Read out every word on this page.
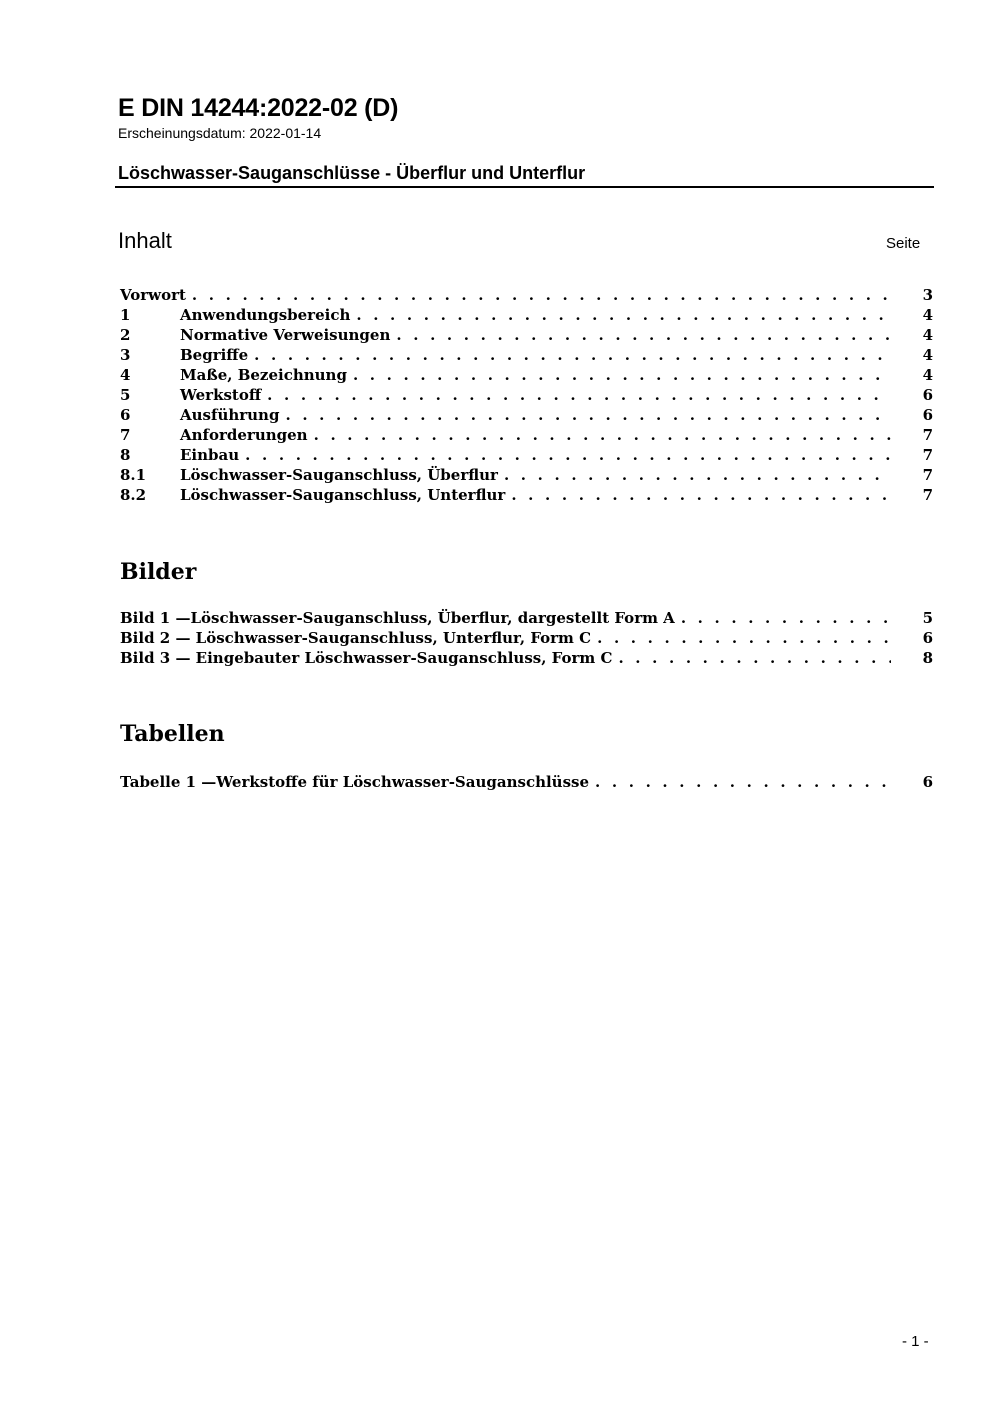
E DIN 14244:2022-02 (D)
Erscheinungsdatum: 2022-01-14
Löschwasser-Sauganschlüsse - Überflur und Unterflur
Inhalt	Seite
Vorwort . . .	3
1	Anwendungsbereich . . .	4
2	Normative Verweisungen . . .	4
3	Begriffe . . .	4
4	Maße, Bezeichnung . . .	4
5	Werkstoff . . .	6
6	Ausführung . . .	6
7	Anforderungen . . .	7
8	Einbau . . .	7
8.1	Löschwasser-Sauganschluss, Überflur . . .	7
8.2	Löschwasser-Sauganschluss, Unterflur . . .	7
Bilder
Bild 1 —Löschwasser-Sauganschluss, Überflur, dargestellt Form A . . .	5
Bild 2 — Löschwasser-Sauganschluss, Unterflur, Form C . . .	6
Bild 3 — Eingebauter Löschwasser-Sauganschluss, Form C . . .	8
Tabellen
Tabelle 1 —Werkstoffe für Löschwasser-Sauganschlüsse . . .	6
- 1 -
